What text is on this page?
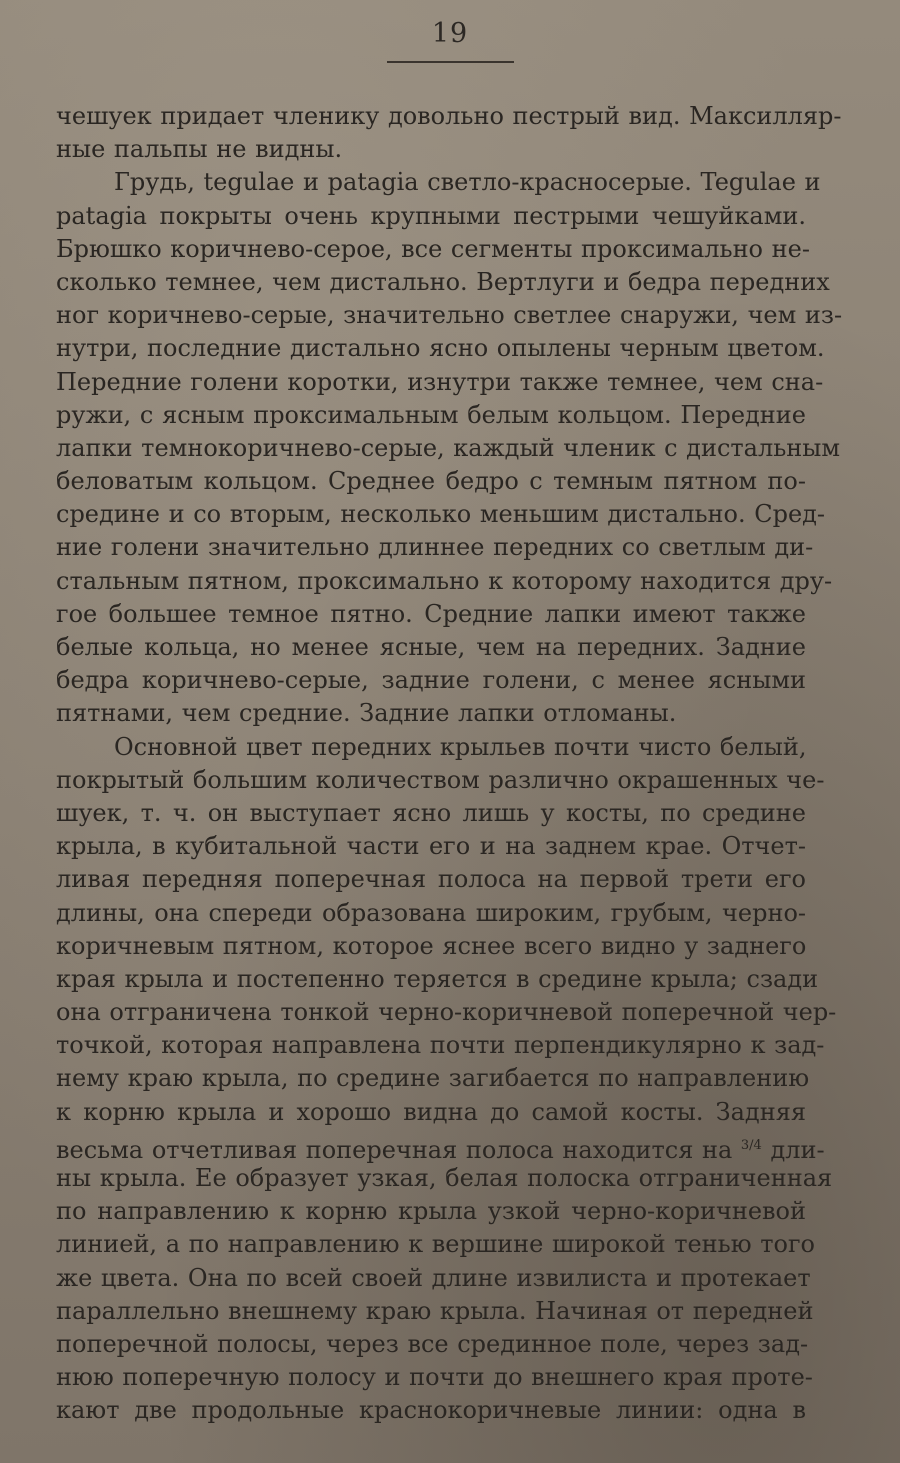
19
чешуек придает членику довольно пестрый вид. Максилляр-
ные пальпы не видны.
Грудь, tegulae и patagia светло-красносерые. Tegulae и
patagia покрыты очень крупными пестрыми чешуйками.
Брюшко коричнево-серое, все сегменты проксимально не-
сколько темнее, чем дистально. Вертлуги и бедра передних
ног коричнево-серые, значительно светлее снаружи, чем из-
нутри, последние дистально ясно опылены черным цветом.
Передние голени коротки, изнутри также темнее, чем сна-
ружи, с ясным проксимальным белым кольцом. Передние
лапки темнокоричнево-серые, каждый членик с дистальным
беловатым кольцом. Среднее бедро с темным пятном по-
средине и со вторым, несколько меньшим дистально. Сред-
ние голени значительно длиннее передних со светлым ди-
стальным пятном, проксимально к которому находится дру-
гое большее темное пятно. Средние лапки имеют также
белые кольца, но менее ясные, чем на передних. Задние
бедра коричнево-серые, задние голени, с менее ясными
пятнами, чем средние. Задние лапки отломаны.
Основной цвет передних крыльев почти чисто белый,
покрытый большим количеством различно окрашенных че-
шуек, т. ч. он выступает ясно лишь у косты, по средине
крыла, в кубитальной части его и на заднем крае. Отчет-
ливая передняя поперечная полоса на первой трети его
длины, она спереди образована широким, грубым, черно-
коричневым пятном, которое яснее всего видно у заднего
края крыла и постепенно теряется в средине крыла; сзади
она отграничена тонкой черно-коричневой поперечной чер-
точкой, которая направлена почти перпендикулярно к зад-
нему краю крыла, по средине загибается по направлению
к корню крыла и хорошо видна до самой косты. Задняя
весьма отчетливая поперечная полоса находится на $^{3/4}$ дли-
ны крыла. Ее образует узкая, белая полоска отграниченная
по направлению к корню крыла узкой черно-коричневой
линией, а по направлению к вершине широкой тенью того
же цвета. Она по всей своей длине извилиста и протекает
параллельно внешнему краю крыла. Начиная от передней
поперечной полосы, через все срединное поле, через зад-
нюю поперечную полосу и почти до внешнего края проте-
кают две продольные краснокоричневые линии: одна в
